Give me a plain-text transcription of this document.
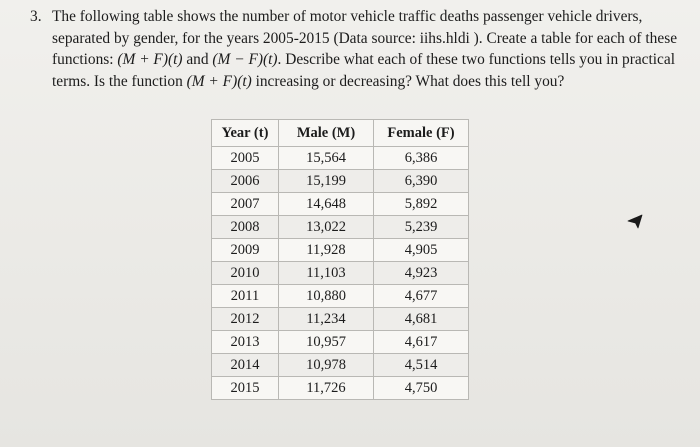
3. The following table shows the number of motor vehicle traffic deaths passenger vehicle drivers, separated by gender, for the years 2005-2015 (Data source: iihs.hldi ). Create a table for each of these functions: (M + F)(t) and (M − F)(t). Describe what each of these two functions tells you in practical terms. Is the function (M + F)(t) increasing or decreasing? What does this tell you?
Year (t)	Male (M)	Female (F)
2005	15,564	6,386
2006	15,199	6,390
2007	14,648	5,892
2008	13,022	5,239
2009	11,928	4,905
2010	11,103	4,923
2011	10,880	4,677
2012	11,234	4,681
2013	10,957	4,617
2014	10,978	4,514
2015	11,726	4,750
